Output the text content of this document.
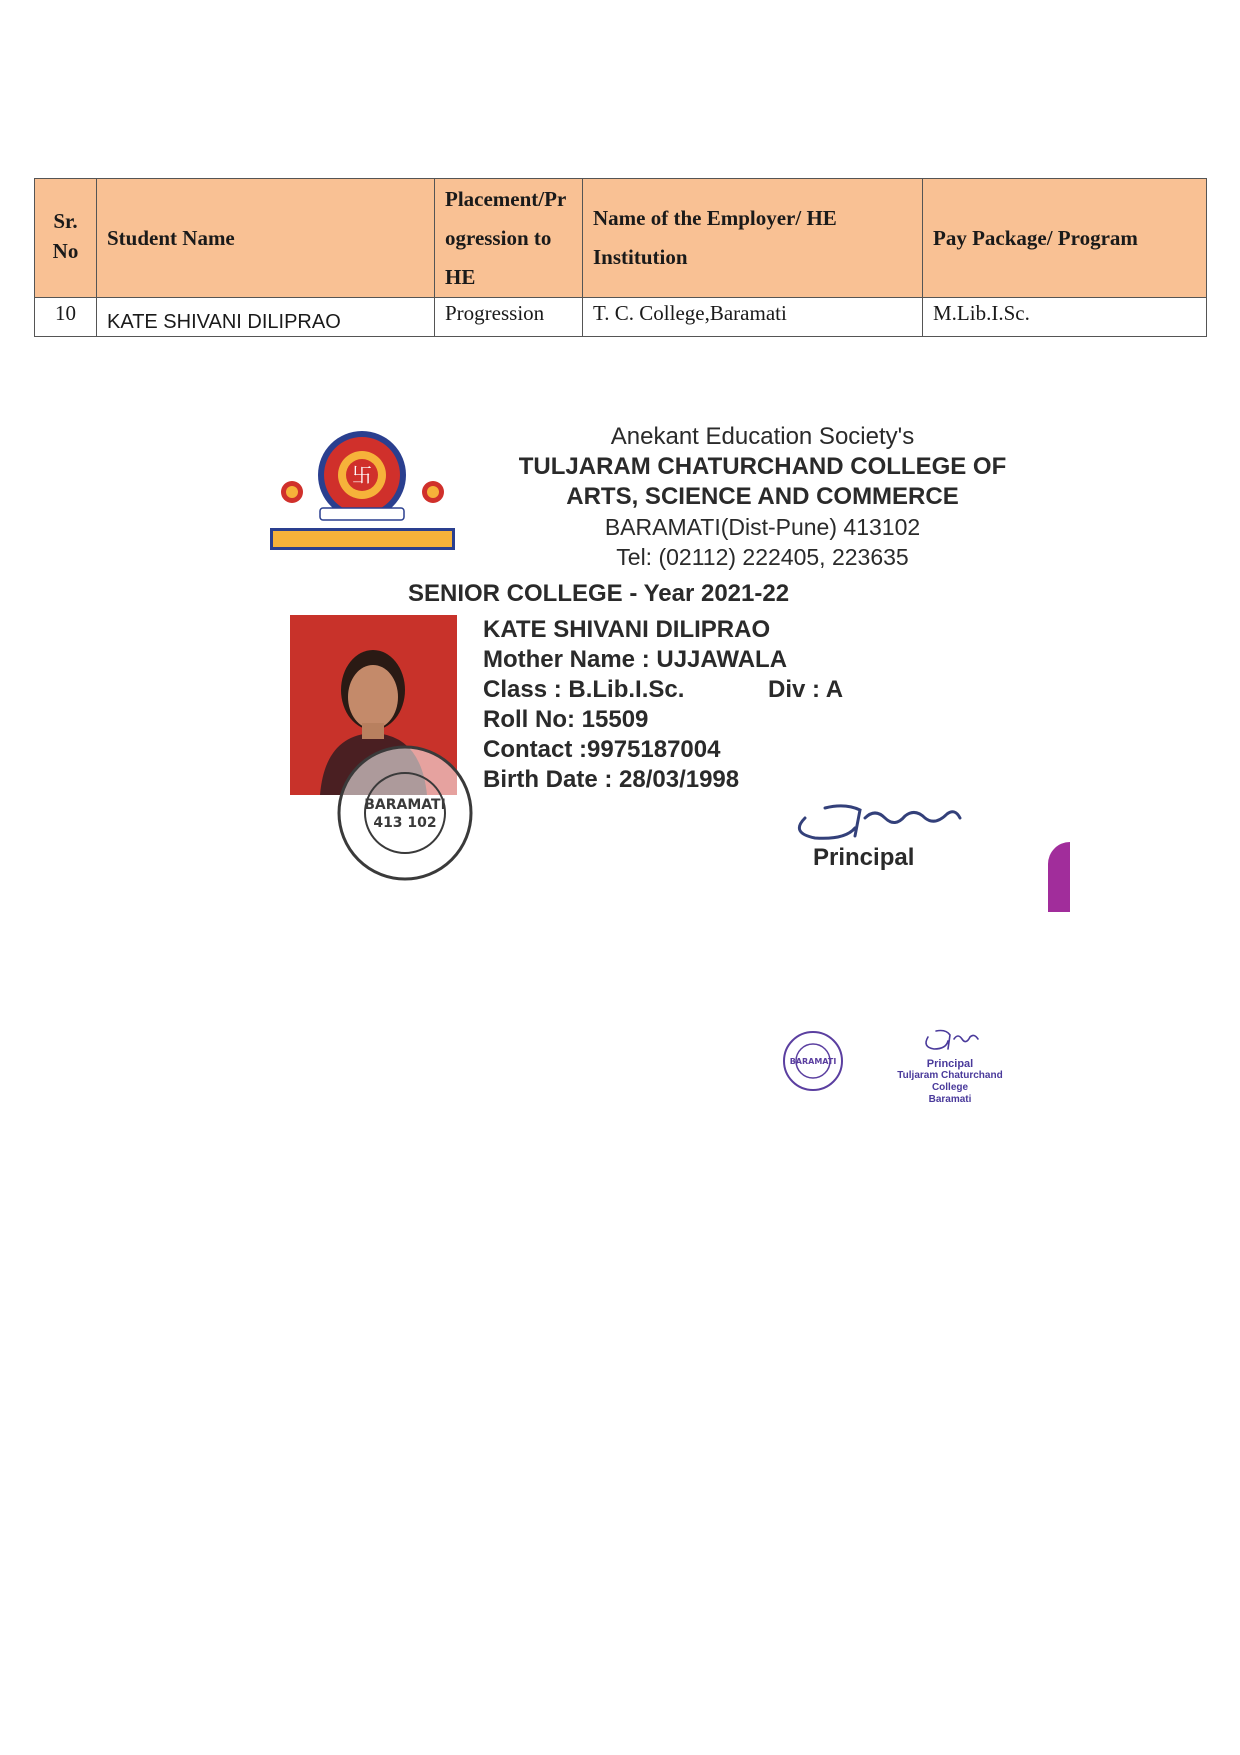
Sr. No	Student Name	Placement/Progression to HE	Name of the Employer/ HE Institution	Pay Package/ Program
10	KATE SHIVANI DILIPRAO	Progression	T. C. College,Baramati	M.Lib.I.Sc.
卐
Anekant Education Society's
TULJARAM CHATURCHAND COLLEGE OF
ARTS, SCIENCE AND COMMERCE
BARAMATI(Dist-Pune) 413102
Tel: (02112) 222405, 223635
SENIOR COLLEGE - Year 2021-22
KATE SHIVANI DILIPRAO
Mother Name : UJJAWALA
Class : B.Lib.I.Sc.	Div : A
Roll No: 15509
Contact :9975187004
Birth Date : 28/03/1998
BARAMATI
413 102
Principal
BARAMATI	Principal
Tuljaram Chaturchand College
Baramati
